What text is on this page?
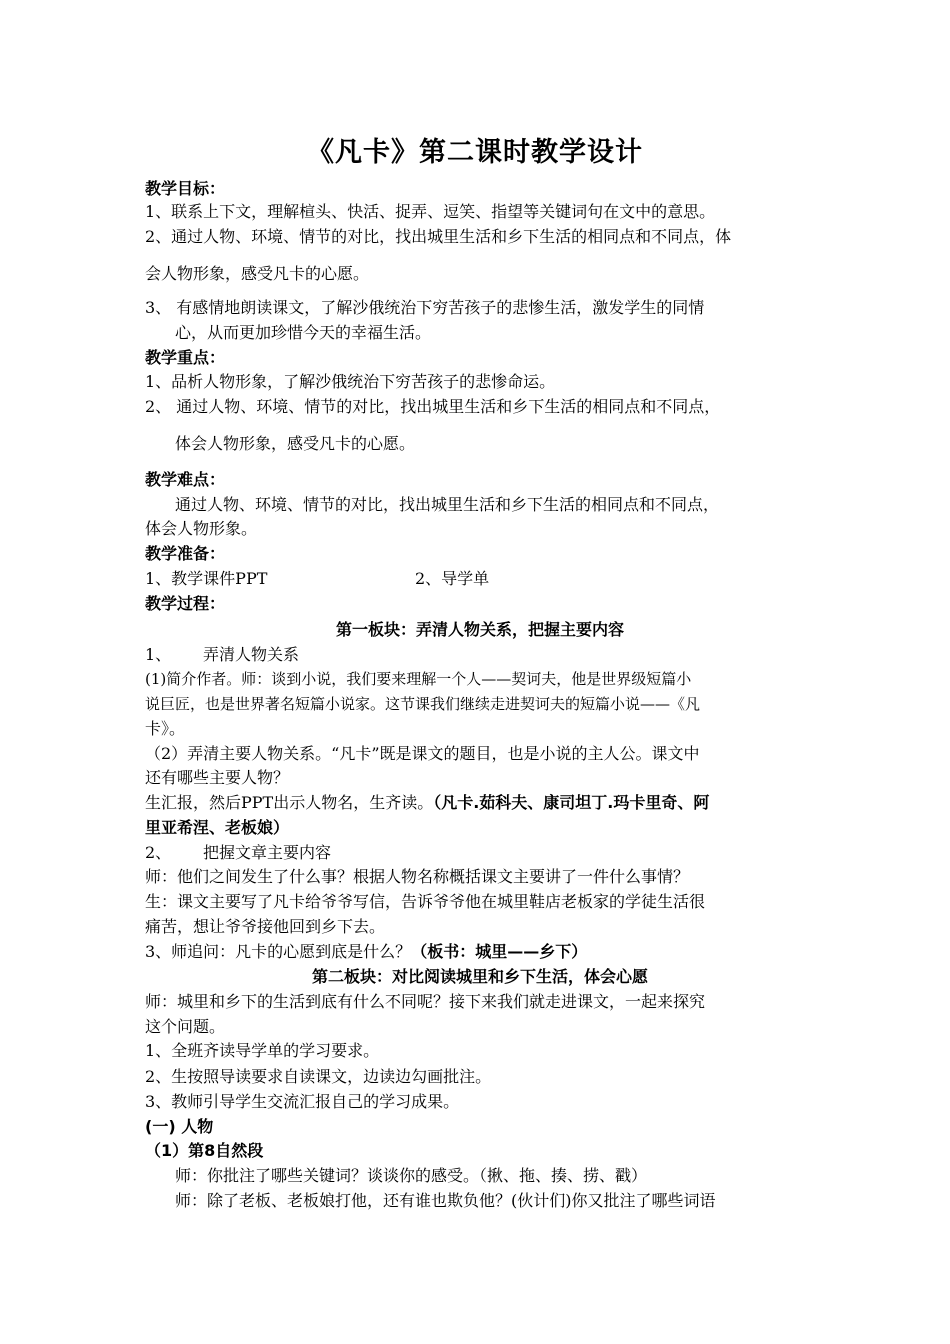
《凡卡》第二课时教学设计
教学目标：
1、联系上下文，理解楦头、快活、捉弄、逗笑、指望等关键词句在文中的意思。
2、通过人物、环境、情节的对比，找出城里生活和乡下生活的相同点和不同点，体
会人物形象，感受凡卡的心愿。
3、 有感情地朗读课文，了解沙俄统治下穷苦孩子的悲惨生活，激发学生的同情
心，从而更加珍惜今天的幸福生活。
教学重点：
1、品析人物形象，了解沙俄统治下穷苦孩子的悲惨命运。
2、 通过人物、环境、情节的对比，找出城里生活和乡下生活的相同点和不同点，
体会人物形象，感受凡卡的心愿。
教学难点：
通过人物、环境、情节的对比，找出城里生活和乡下生活的相同点和不同点，
体会人物形象。
教学准备：
1、教学课件PPT	2、导学单
教学过程：
第一板块：弄清人物关系，把握主要内容
1、 弄清人物关系
(1)简介作者。师：谈到小说，我们要来理解一个人——契诃夫，他是世界级短篇小
说巨匠，也是世界著名短篇小说家。这节课我们继续走进契诃夫的短篇小说——《凡
卡》。
（2）弄清主要人物关系。“凡卡”既是课文的题目，也是小说的主人公。课文中
还有哪些主要人物？
生汇报，然后PPT出示人物名，生齐读。（凡卡.茹科夫、康司坦丁.玛卡里奇、阿
里亚希涅、老板娘）
2、 把握文章主要内容
师：他们之间发生了什么事？根据人物名称概括课文主要讲了一件什么事情？
生：课文主要写了凡卡给爷爷写信，告诉爷爷他在城里鞋店老板家的学徒生活很
痛苦，想让爷爷接他回到乡下去。
3、师追问：凡卡的心愿到底是什么？（板书：城里——乡下）
第二板块：对比阅读城里和乡下生活，体会心愿
师：城里和乡下的生活到底有什么不同呢？接下来我们就走进课文，一起来探究
这个问题。
1、全班齐读导学单的学习要求。
2、生按照导读要求自读课文，边读边勾画批注。
3、教师引导学生交流汇报自己的学习成果。
(一) 人物
（1）第8自然段
师：你批注了哪些关键词？谈谈你的感受。（揪、拖、揍、捞、戳）
师：除了老板、老板娘打他，还有谁也欺负他？(伙计们)你又批注了哪些词语
